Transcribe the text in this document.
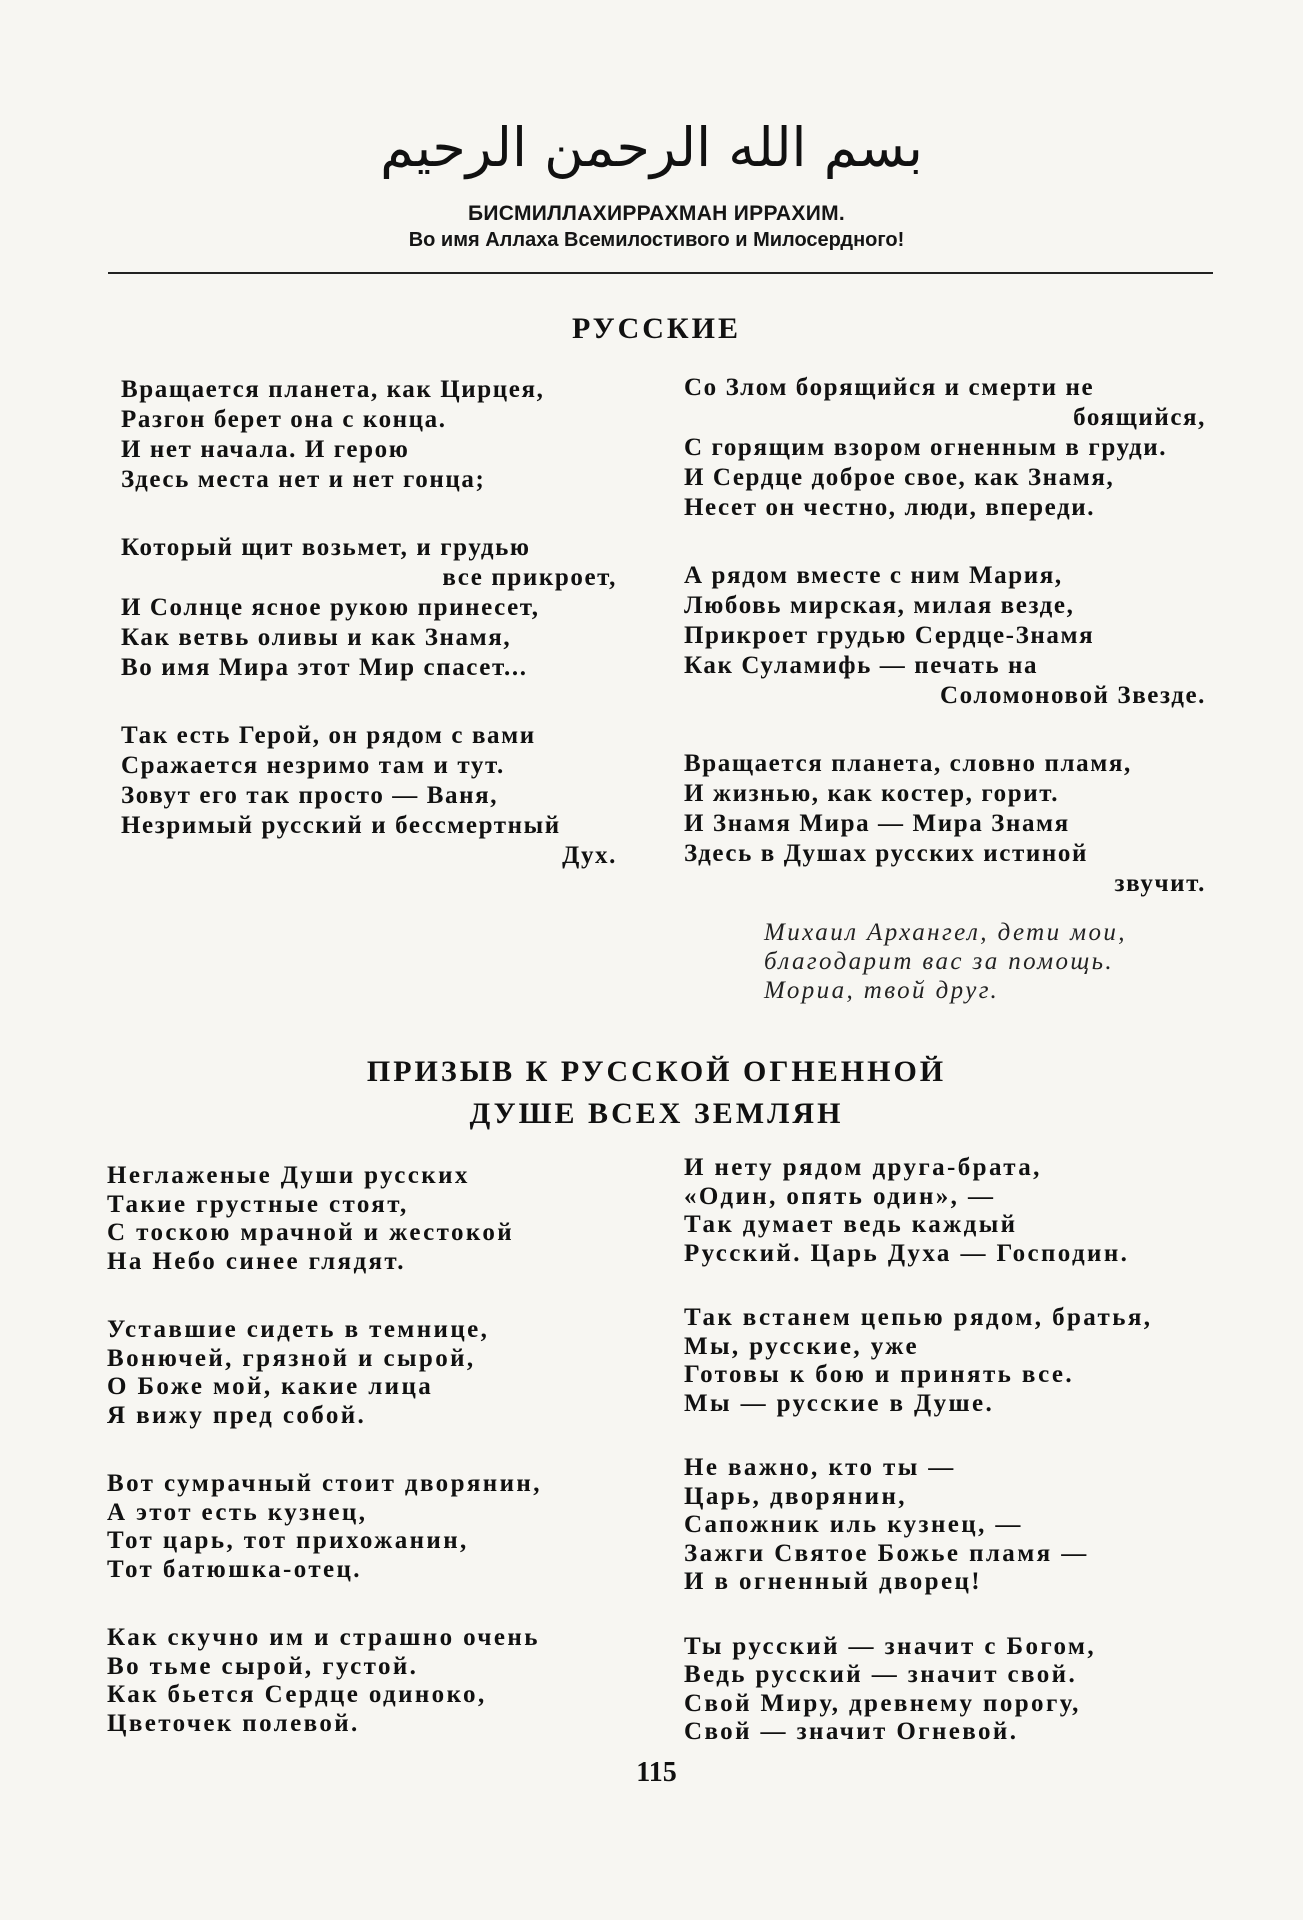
بسم الله الرحمن الرحيم
БИСМИЛЛАХИРРАХМАН ИРРАХИМ.
Во имя Аллаха Всемилостивого и Милосердного!
РУССКИЕ
Вращается планета, как Цирцея,
Разгон берет она с конца.
И нет начала. И герою
Здесь места нет и нет гонца;
Который щит возьмет, и грудью
все прикроет,
И Солнце ясное рукою принесет,
Как ветвь оливы и как Знамя,
Во имя Мира этот Мир спасет...
Так есть Герой, он рядом с вами
Сражается незримо там и тут.
Зовут его так просто — Ваня,
Незримый русский и бессмертный
Дух.
Со Злом борящийся и смерти не
боящийся,
С горящим взором огненным в груди.
И Сердце доброе свое, как Знамя,
Несет он честно, люди, впереди.
А рядом вместе с ним Мария,
Любовь мирская, милая везде,
Прикроет грудью Сердце-Знамя
Как Суламифь — печать на
Соломоновой Звезде.
Вращается планета, словно пламя,
И жизнью, как костер, горит.
И Знамя Мира — Мира Знамя
Здесь в Душах русских истиной
звучит.
Михаил Архангел, дети мои,
благодарит вас за помощь.
Мориа, твой друг.
ПРИЗЫВ К РУССКОЙ ОГНЕННОЙ
ДУШЕ ВСЕХ ЗЕМЛЯН
Неглаженые Души русских
Такие грустные стоят,
С тоскою мрачной и жестокой
На Небо синее глядят.
Уставшие сидеть в темнице,
Вонючей, грязной и сырой,
О Боже мой, какие лица
Я вижу пред собой.
Вот сумрачный стоит дворянин,
А этот есть кузнец,
Тот царь, тот прихожанин,
Тот батюшка-отец.
Как скучно им и страшно очень
Во тьме сырой, густой.
Как бьется Сердце одиноко,
Цветочек полевой.
И нету рядом друга-брата,
«Один, опять один», —
Так думает ведь каждый
Русский. Царь Духа — Господин.
Так встанем цепью рядом, братья,
Мы, русские, уже
Готовы к бою и принять все.
Мы — русские в Душе.
Не важно, кто ты —
Царь, дворянин,
Сапожник иль кузнец, —
Зажги Святое Божье пламя —
И в огненный дворец!
Ты русский — значит с Богом,
Ведь русский — значит свой.
Свой Миру, древнему порогу,
Свой — значит Огневой.
115
